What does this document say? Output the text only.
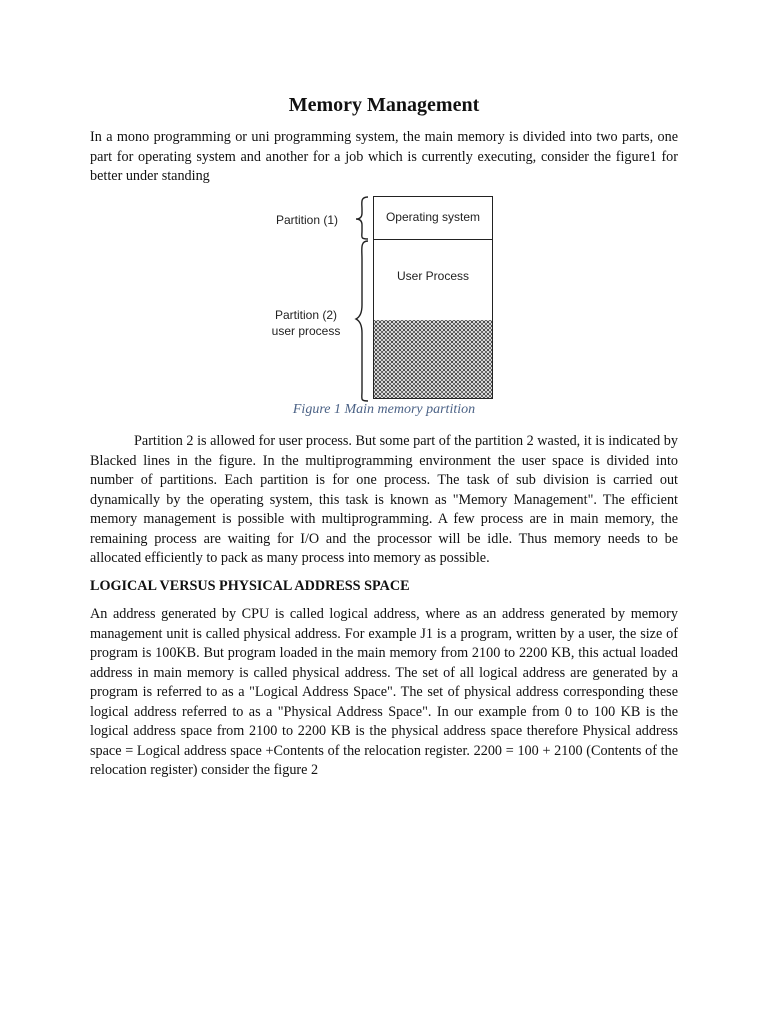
Memory Management

In a mono programming or uni programming system, the main memory is divided into two parts, one part for operating system and another for a job which is currently executing, consider the figure1 for better under standing

Partition (1)
Partition (2)
user process
Operating system
User Process
Figure 1 Main memory partition

Partition 2 is allowed for user process. But some part of the partition 2 wasted, it is indicated by Blacked lines in the figure. In the multiprogramming environment the user space is divided into number of partitions. Each partition is for one process. The task of sub division is carried out dynamically by the operating system, this task is known as "Memory Management". The efficient memory management is possible with multiprogramming. A few process are in main memory, the remaining process are waiting for I/O and the processor will be idle. Thus memory needs to be allocated efficiently to pack as many process into memory as possible.

LOGICAL VERSUS PHYSICAL ADDRESS SPACE

An address generated by CPU is called logical address, where as an address generated by memory management unit is called physical address. For example J1 is a program, written by a user, the size of program is 100KB. But program loaded in the main memory from 2100 to 2200 KB, this actual loaded address in main memory is called physical address. The set of all logical address are generated by a program is referred to as a "Logical Address Space". The set of physical address corresponding these logical address referred to as a "Physical Address Space". In our example from 0 to 100 KB is the logical address space from 2100 to 2200 KB is the physical address space therefore Physical address space = Logical address space +Contents of the relocation register. 2200 = 100 + 2100 (Contents of the relocation register) consider the figure 2
